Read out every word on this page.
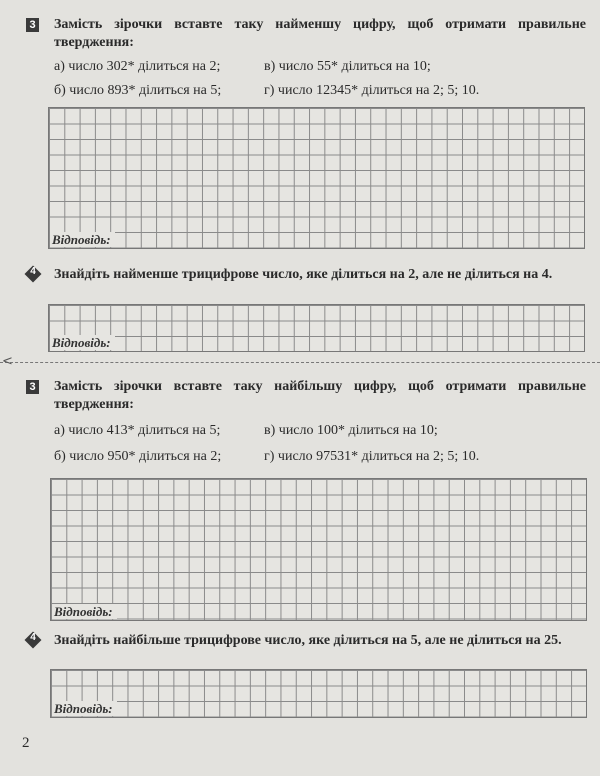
3 Замість зірочки вставте таку найменшу цифру, щоб отримати правильне твердження:
а) число 302* ділиться на 2;	в) число 55* ділиться на 10;
б) число 893* ділиться на 5;	г) число 12345* ділиться на 2; 5; 10.
Відповідь:
4	Знайдіть найменше трицифрове число, яке ділиться на 2, але не ділиться на 4.
Відповідь:
<
3 Замість зірочки вставте таку найбільшу цифру, щоб отримати правильне твердження:
а) число 413* ділиться на 5;	в) число 100* ділиться на 10;
б) число 950* ділиться на 2;	г) число 97531* ділиться на 2; 5; 10.
Відповідь:
4	Знайдіть найбільше трицифрове число, яке ділиться на 5, але не ділиться на 25.
Відповідь:
2
